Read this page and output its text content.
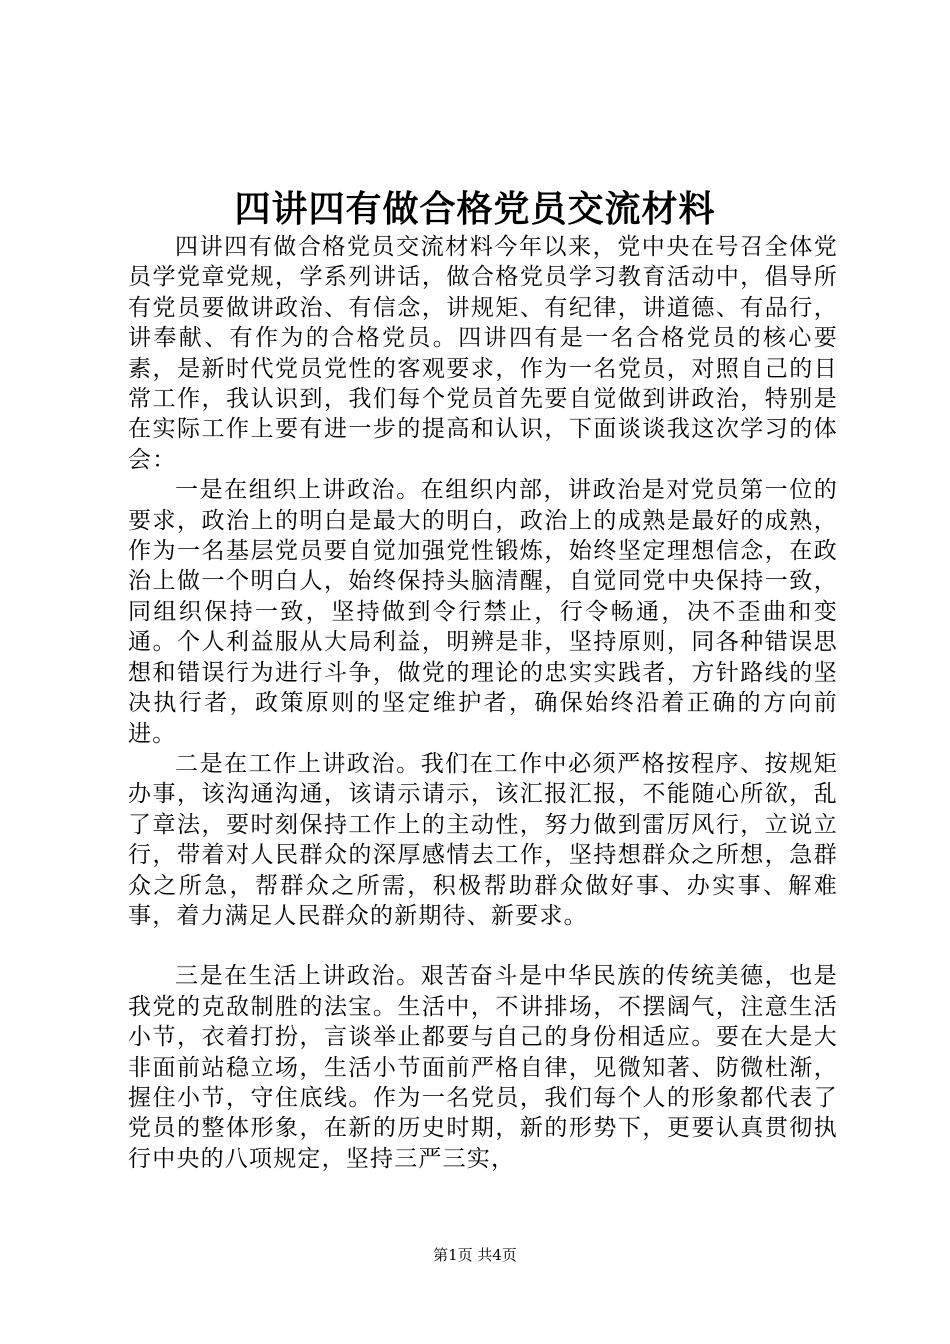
四讲四有做合格党员交流材料

四讲四有做合格党员交流材料今年以来，党中央在号召全体党员学党章党规，学系列讲话，做合格党员学习教育活动中，倡导所有党员要做讲政治、有信念，讲规矩、有纪律，讲道德、有品行，讲奉献、有作为的合格党员。四讲四有是一名合格党员的核心要素，是新时代党员党性的客观要求，作为一名党员，对照自己的日常工作，我认识到，我们每个党员首先要自觉做到讲政治，特别是在实际工作上要有进一步的提高和认识，下面谈谈我这次学习的体会：

一是在组织上讲政治。在组织内部，讲政治是对党员第一位的要求，政治上的明白是最大的明白，政治上的成熟是最好的成熟，作为一名基层党员要自觉加强党性锻炼，始终坚定理想信念，在政治上做一个明白人，始终保持头脑清醒，自觉同党中央保持一致，同组织保持一致，坚持做到令行禁止，行令畅通，决不歪曲和变通。个人利益服从大局利益，明辨是非，坚持原则，同各种错误思想和错误行为进行斗争，做党的理论的忠实实践者，方针路线的坚决执行者，政策原则的坚定维护者，确保始终沿着正确的方向前进。

二是在工作上讲政治。我们在工作中必须严格按程序、按规矩办事，该沟通沟通，该请示请示，该汇报汇报，不能随心所欲，乱了章法，要时刻保持工作上的主动性，努力做到雷厉风行，立说立行，带着对人民群众的深厚感情去工作，坚持想群众之所想，急群众之所急，帮群众之所需，积极帮助群众做好事、办实事、解难事，着力满足人民群众的新期待、新要求。

三是在生活上讲政治。艰苦奋斗是中华民族的传统美德，也是我党的克敌制胜的法宝。生活中，不讲排场，不摆阔气，注意生活小节，衣着打扮，言谈举止都要与自己的身份相适应。要在大是大非面前站稳立场，生活小节面前严格自律，见微知著、防微杜渐，握住小节，守住底线。作为一名党员，我们每个人的形象都代表了党员的整体形象，在新的历史时期，新的形势下，更要认真贯彻执行中央的八项规定，坚持三严三实，

第1页 共4页
